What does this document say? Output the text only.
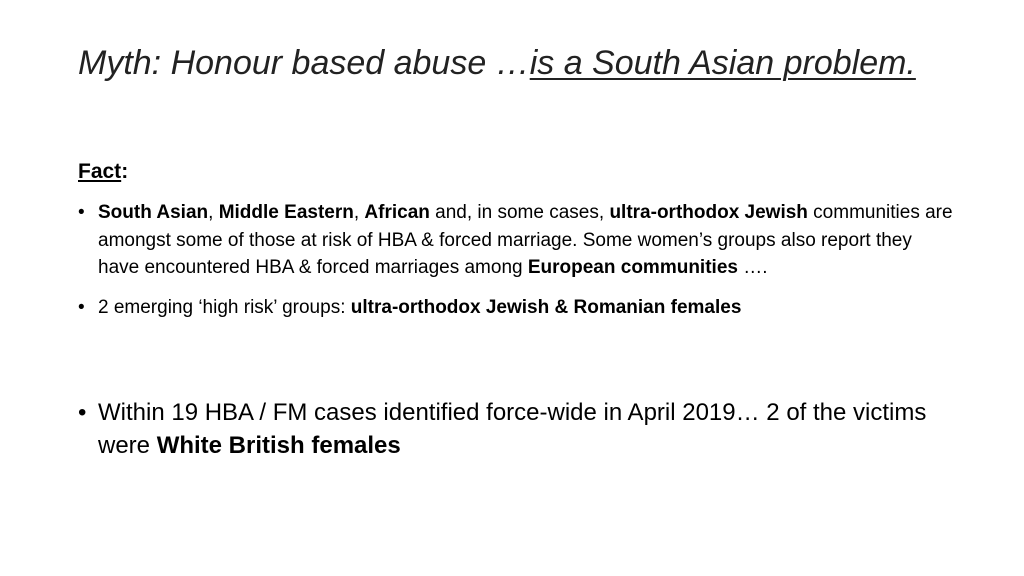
Myth: Honour based abuse …is a South Asian problem.
Fact:
• South Asian, Middle Eastern, African and, in some cases, ultra-orthodox Jewish communities are amongst some of those at risk of HBA & forced marriage. Some women’s groups also report they have encountered HBA & forced marriages among European communities ….
• 2 emerging ‘high risk’ groups: ultra-orthodox Jewish & Romanian females
• Within 19 HBA / FM cases identified force-wide in April 2019… 2 of the victims were White British females
